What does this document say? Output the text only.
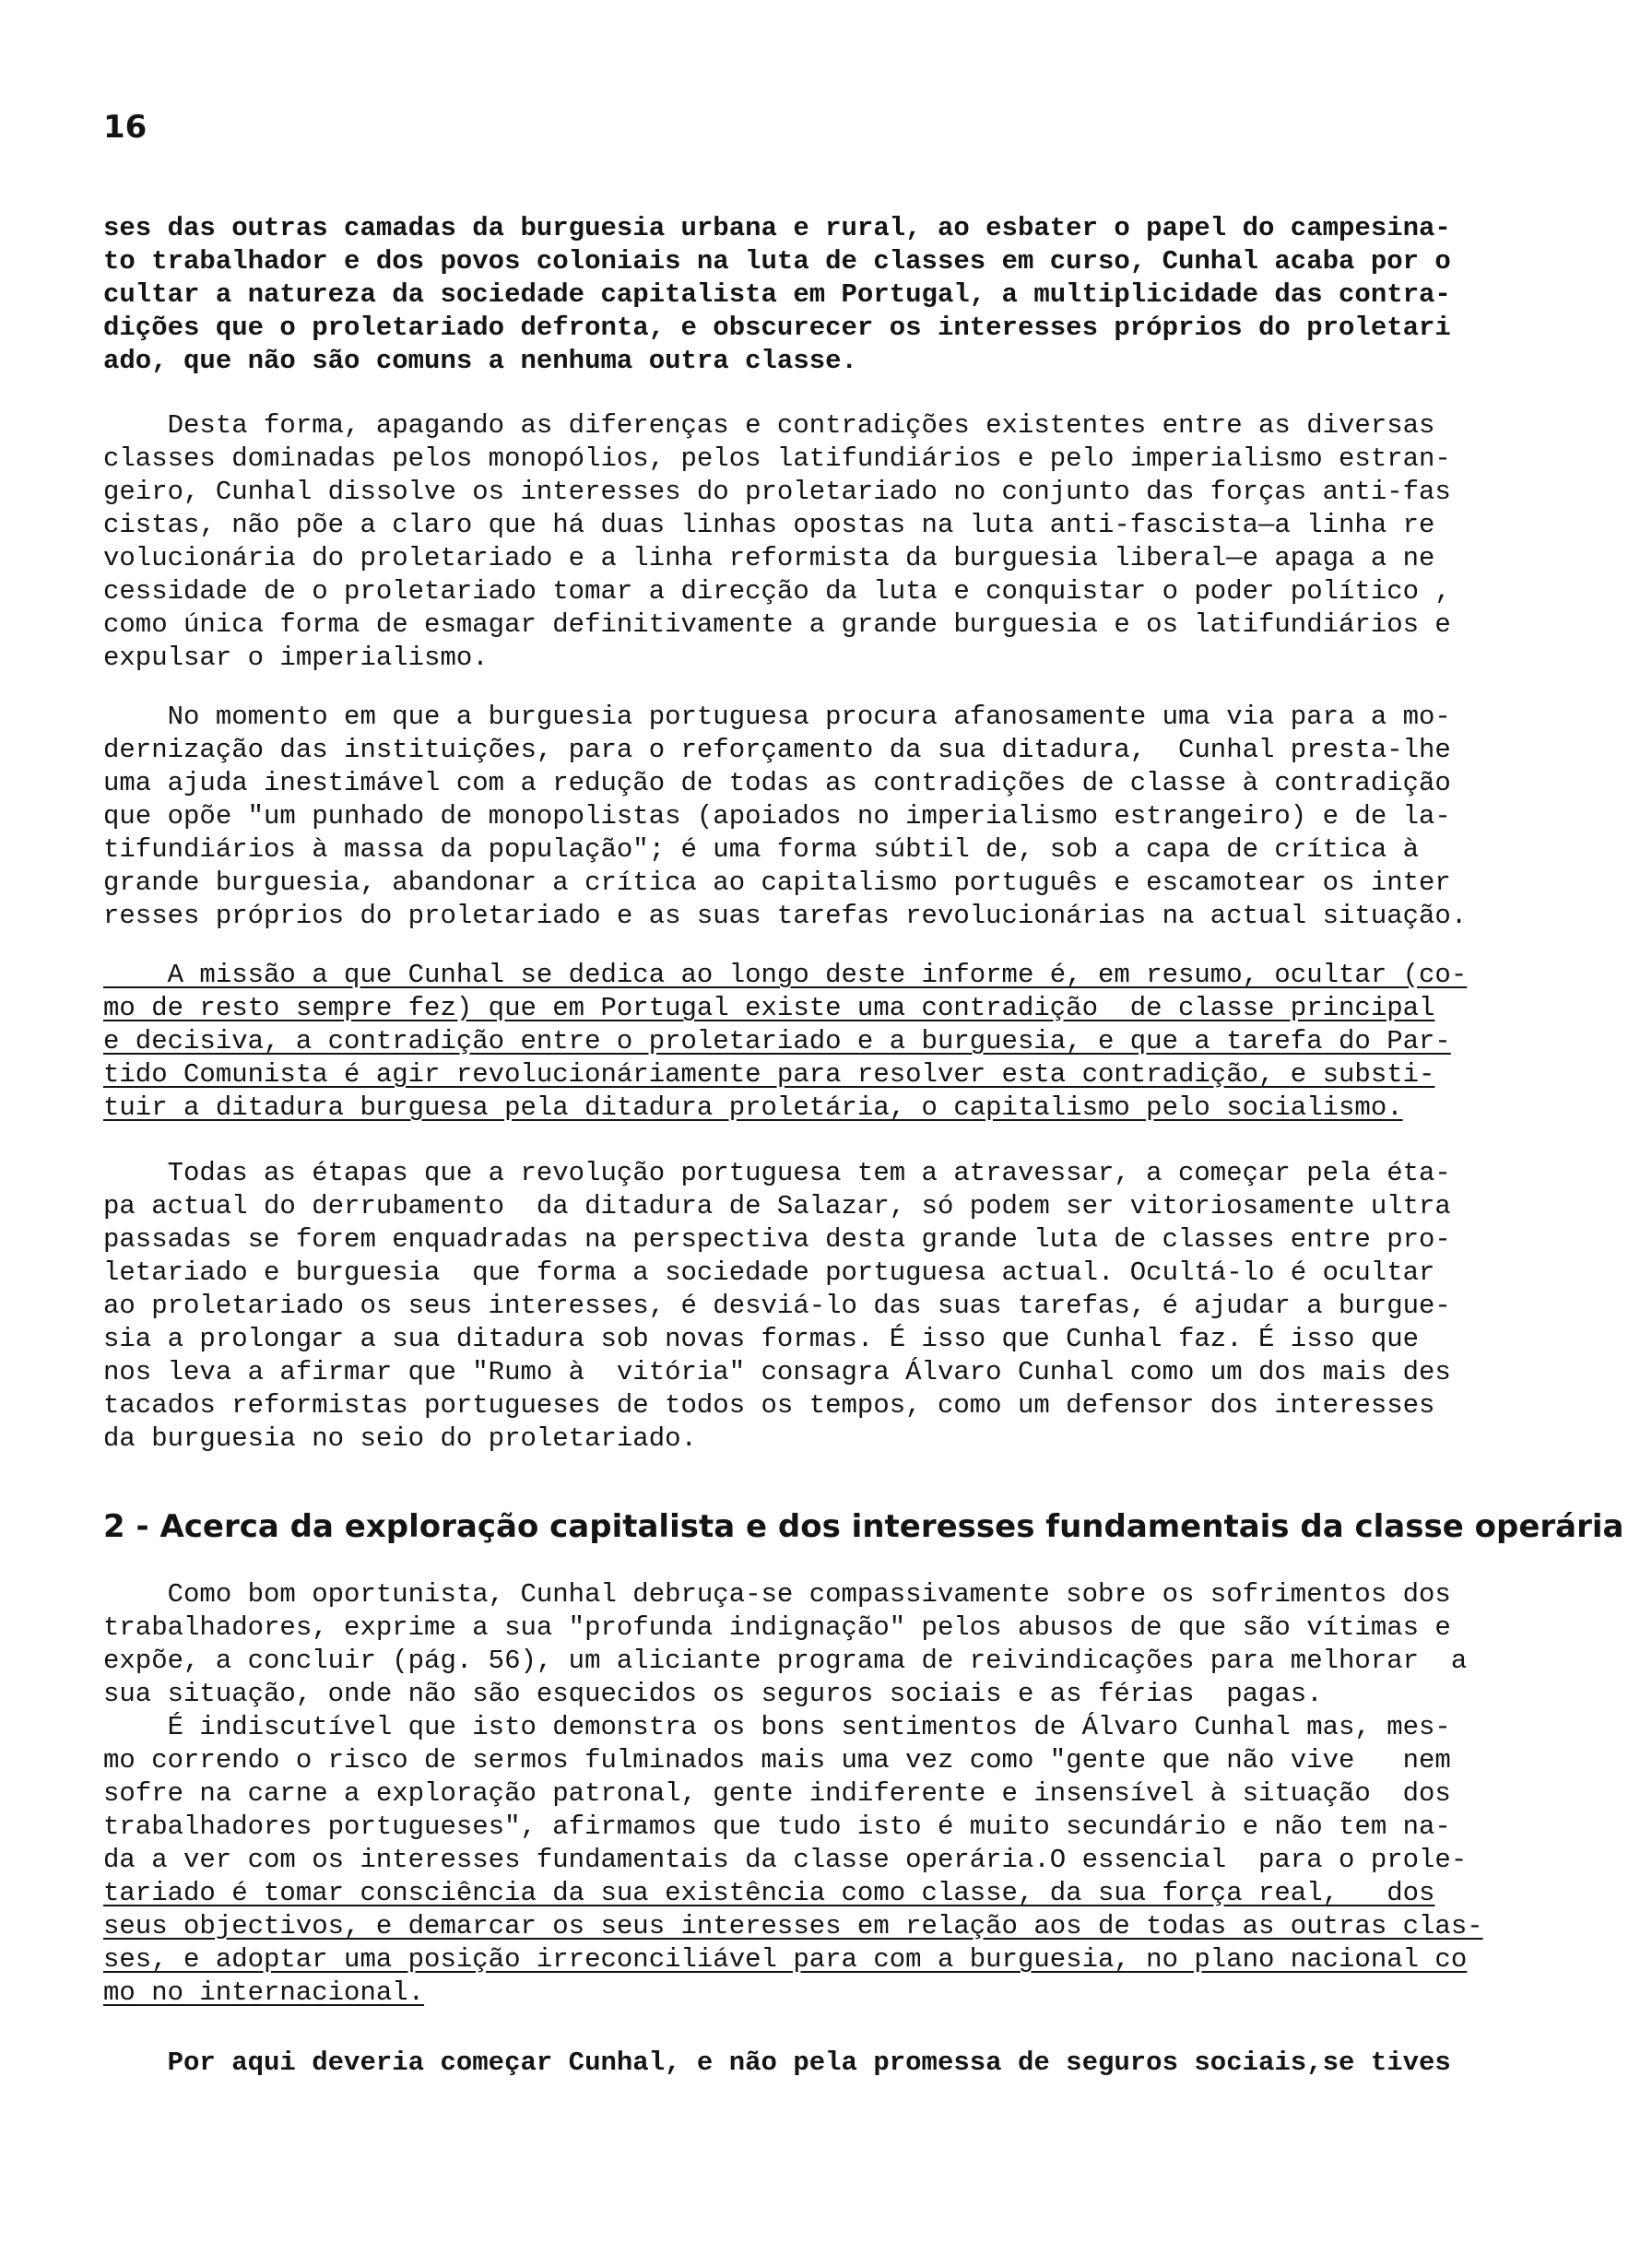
16
ses das outras camadas da burguesia urbana e rural, ao esbater o papel do campesina-
to trabalhador e dos povos coloniais na luta de classes em curso, Cunhal acaba por o
cultar a natureza da sociedade capitalista em Portugal, a multiplicidade das contra-
dições que o proletariado defronta, e obscurecer os interesses próprios do proletari
ado, que não são comuns a nenhuma outra classe.
Desta forma, apagando as diferenças e contradições existentes entre as diversas
classes dominadas pelos monopólios, pelos latifundiários e pelo imperialismo estran-
geiro, Cunhal dissolve os interesses do proletariado no conjunto das forças anti-fas
cistas, não põe a claro que há duas linhas opostas na luta anti-fascista—a linha re
volucionária do proletariado e a linha reformista da burguesia liberal—e apaga a ne
cessidade de o proletariado tomar a direcção da luta e conquistar o poder político ,
como única forma de esmagar definitivamente a grande burguesia e os latifundiários e
expulsar o imperialismo.
No momento em que a burguesia portuguesa procura afanosamente uma via para a mo-
dernização das instituições, para o reforçamento da sua ditadura,  Cunhal presta-lhe
uma ajuda inestimável com a redução de todas as contradições de classe à contradição
que opõe "um punhado de monopolistas (apoiados no imperialismo estrangeiro) e de la-
tifundiários à massa da população"; é uma forma súbtil de, sob a capa de crítica à
grande burguesia, abandonar a crítica ao capitalismo português e escamotear os inter
resses próprios do proletariado e as suas tarefas revolucionárias na actual situação.
A missão a que Cunhal se dedica ao longo deste informe é, em resumo, ocultar (co-
mo de resto sempre fez) que em Portugal existe uma contradição  de classe principal
e decisiva, a contradição entre o proletariado e a burguesia, e que a tarefa do Par-
tido Comunista é agir revolucionáriamente para resolver esta contradição, e substi-
tuir a ditadura burguesa pela ditadura proletária, o capitalismo pelo socialismo.
Todas as étapas que a revolução portuguesa tem a atravessar, a começar pela éta-
pa actual do derrubamento  da ditadura de Salazar, só podem ser vitoriosamente ultra
passadas se forem enquadradas na perspectiva desta grande luta de classes entre pro-
letariado e burguesia  que forma a sociedade portuguesa actual. Ocultá-lo é ocultar
ao proletariado os seus interesses, é desviá-lo das suas tarefas, é ajudar a burgue-
sia a prolongar a sua ditadura sob novas formas. É isso que Cunhal faz. É isso que
nos leva a afirmar que "Rumo à  vitória" consagra Álvaro Cunhal como um dos mais des
tacados reformistas portugueses de todos os tempos, como um defensor dos interesses
da burguesia no seio do proletariado.
2 - Acerca da exploração capitalista e dos interesses fundamentais da classe operária
Como bom oportunista, Cunhal debruça-se compassivamente sobre os sofrimentos dos
trabalhadores, exprime a sua "profunda indignação" pelos abusos de que são vítimas e
expõe, a concluir (pág. 56), um aliciante programa de reivindicações para melhorar  a
sua situação, onde não são esquecidos os seguros sociais e as férias  pagas.
É indiscutível que isto demonstra os bons sentimentos de Álvaro Cunhal mas, mes-
mo correndo o risco de sermos fulminados mais uma vez como "gente que não vive   nem
sofre na carne a exploração patronal, gente indiferente e insensível à situação  dos
trabalhadores portugueses", afirmamos que tudo isto é muito secundário e não tem na-
da a ver com os interesses fundamentais da classe operária.O essencial  para o prole-
tariado é tomar consciência da sua existência como classe, da sua força real,   dos
seus objectivos, e demarcar os seus interesses em relação aos de todas as outras clas-
ses, e adoptar uma posição irreconciliável para com a burguesia, no plano nacional co
mo no internacional.
Por aqui deveria começar Cunhal, e não pela promessa de seguros sociais,se tives
